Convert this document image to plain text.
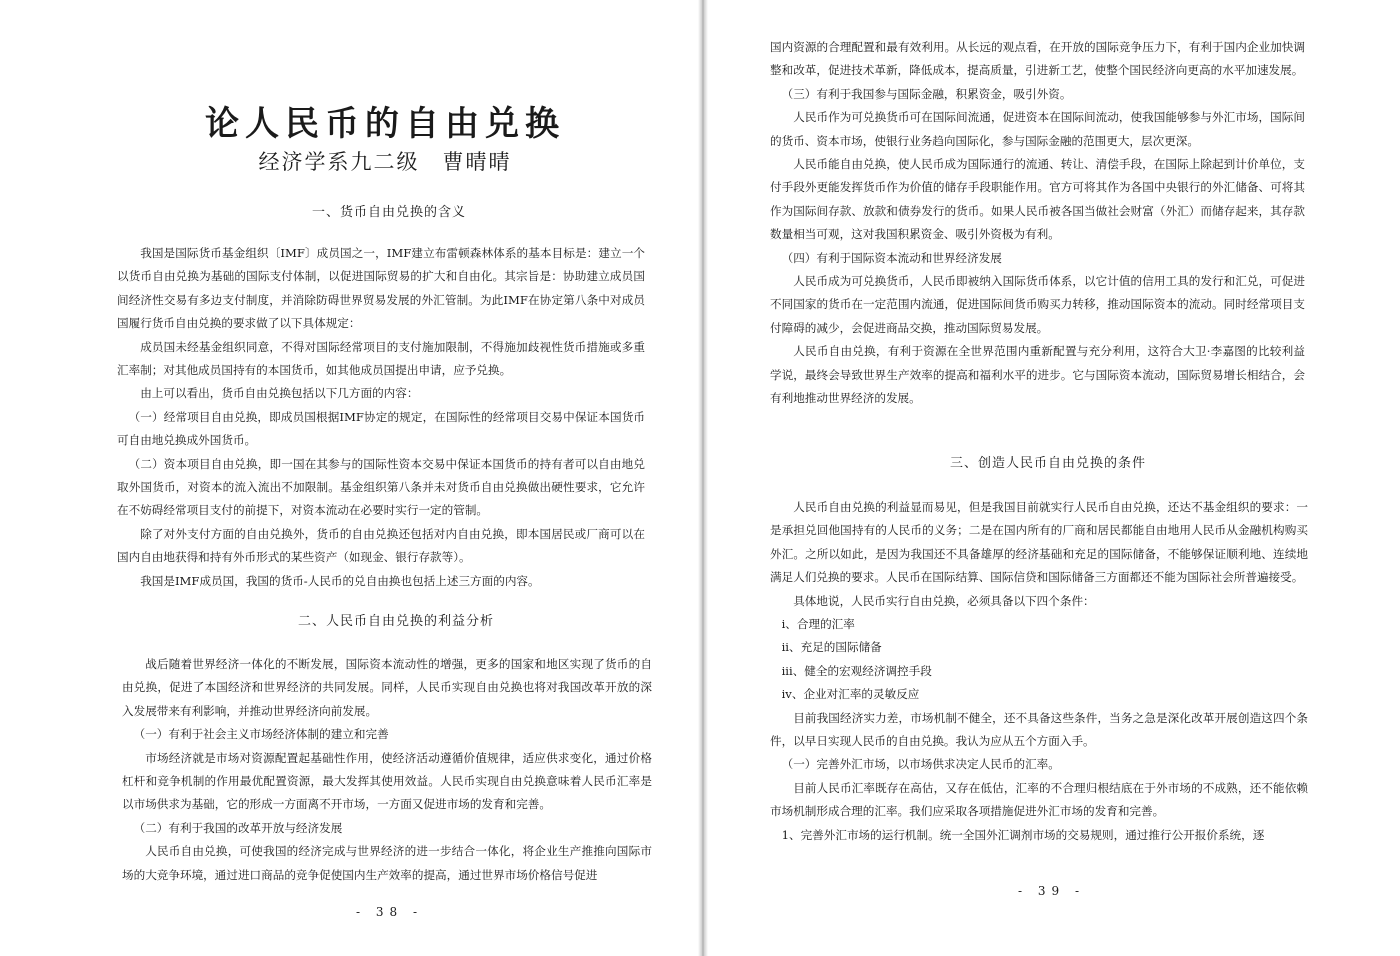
论人民币的自由兑换
经济学系九二级　曹晴晴
一、货币自由兑换的含义

我国是国际货币基金组织〔IMF〕成员国之一，IMF建立布雷顿森林体系的基本目标是：建立一个以货币自由兑换为基础的国际支付体制，以促进国际贸易的扩大和自由化。其宗旨是：协助建立成员国间经济性交易有多边支付制度，并消除防碍世界贸易发展的外汇管制。为此IMF在协定第八条中对成员国履行货币自由兑换的要求做了以下具体规定：

成员国未经基金组织同意，不得对国际经常项目的支付施加限制，不得施加歧视性货币措施或多重汇率制；对其他成员国持有的本国货币，如其他成员国提出申请，应予兑换。

由上可以看出，货币自由兑换包括以下几方面的内容：

（一）经常项目自由兑换，即成员国根据IMF协定的规定，在国际性的经常项目交易中保证本国货币可自由地兑换成外国货币。

（二）资本项目自由兑换，即一国在其参与的国际性资本交易中保证本国货币的持有者可以自由地兑取外国货币，对资本的流入流出不加限制。基金组织第八条并未对货币自由兑换做出硬性要求，它允许在不妨碍经常项目支付的前提下，对资本流动在必要时实行一定的管制。

除了对外支付方面的自由兑换外，货币的自由兑换还包括对内自由兑换，即本国居民或厂商可以在国内自由地获得和持有外币形式的某些资产（如现金、银行存款等）。

我国是IMF成员国，我国的货币-人民币的兑自由换也包括上述三方面的内容。

二、人民币自由兑换的利益分析

战后随着世界经济一体化的不断发展，国际资本流动性的增强，更多的国家和地区实现了货币的自由兑换，促进了本国经济和世界经济的共同发展。同样，人民币实现自由兑换也将对我国改革开放的深入发展带来有利影响，并推动世界经济向前发展。

（一）有利于社会主义市场经济体制的建立和完善

市场经济就是市场对资源配置起基础性作用，使经济活动遵循价值规律，适应供求变化，通过价格杠杆和竞争机制的作用最优配置资源，最大发挥其使用效益。人民币实现自由兑换意味着人民币汇率是以市场供求为基础，它的形成一方面离不开市场，一方面又促进市场的发育和完善。

（二）有利于我国的改革开放与经济发展

人民币自由兑换，可使我国的经济完成与世界经济的进一步结合一体化，将企业生产推推向国际市场的大竞争环境，通过进口商品的竞争促使国内生产效率的提高，通过世界市场价格信号促进

- 38 -

国内资源的合理配置和最有效利用。从长远的观点看，在开放的国际竞争压力下，有利于国内企业加快调整和改革，促进技术革新，降低成本，提高质量，引进新工艺，使整个国民经济向更高的水平加速发展。

（三）有利于我国参与国际金融，积累资金，吸引外资。

人民币作为可兑换货币可在国际间流通，促进资本在国际间流动，使我国能够参与外汇市场，国际间的货币、资本市场，使银行业务趋向国际化，参与国际金融的范围更大，层次更深。

人民币能自由兑换，使人民币成为国际通行的流通、转让、清偿手段，在国际上除起到计价单位，支付手段外更能发挥货币作为价值的储存手段职能作用。官方可将其作为各国中央银行的外汇储备、可将其作为国际间存款、放款和债券发行的货币。如果人民币被各国当做社会财富（外汇）而储存起来，其存款数量相当可观，这对我国积累资金、吸引外资极为有利。

（四）有利于国际资本流动和世界经济发展

人民币成为可兑换货币，人民币即被纳入国际货币体系，以它计值的信用工具的发行和汇兑，可促进不同国家的货币在一定范围内流通，促进国际间货币购买力转移，推动国际资本的流动。同时经常项目支付障碍的减少，会促进商品交换，推动国际贸易发展。

人民币自由兑换，有利于资源在全世界范围内重新配置与充分利用，这符合大卫·李嘉图的比较利益学说，最终会导致世界生产效率的提高和福利水平的进步。它与国际资本流动，国际贸易增长相结合，会有利地推动世界经济的发展。

三、创造人民币自由兑换的条件

人民币自由兑换的利益显而易见，但是我国目前就实行人民币自由兑换，还达不基金组织的要求：一是承担兑回他国持有的人民币的义务；二是在国内所有的厂商和居民都能自由地用人民币从金融机构购买外汇。之所以如此，是因为我国还不具备雄厚的经济基础和充足的国际储备，不能够保证顺利地、连续地满足人们兑换的要求。人民币在国际结算、国际信贷和国际储备三方面都还不能为国际社会所普遍接受。

具体地说，人民币实行自由兑换，必须具备以下四个条件：

i、合理的汇率

ii、充足的国际储备

iii、健全的宏观经济调控手段

iv、企业对汇率的灵敏反应

目前我国经济实力差，市场机制不健全，还不具备这些条件，当务之急是深化改革开展创造这四个条件，以早日实现人民币的自由兑换。我认为应从五个方面入手。

（一）完善外汇市场，以市场供求决定人民币的汇率。

目前人民币汇率既存在高估，又存在低估，汇率的不合理归根结底在于外市场的不成熟，还不能依赖市场机制形成合理的汇率。我们应采取各项措施促进外汇市场的发育和完善。

1、完善外汇市场的运行机制。统一全国外汇调剂市场的交易规则，通过推行公开报价系统，逐

- 39 -
